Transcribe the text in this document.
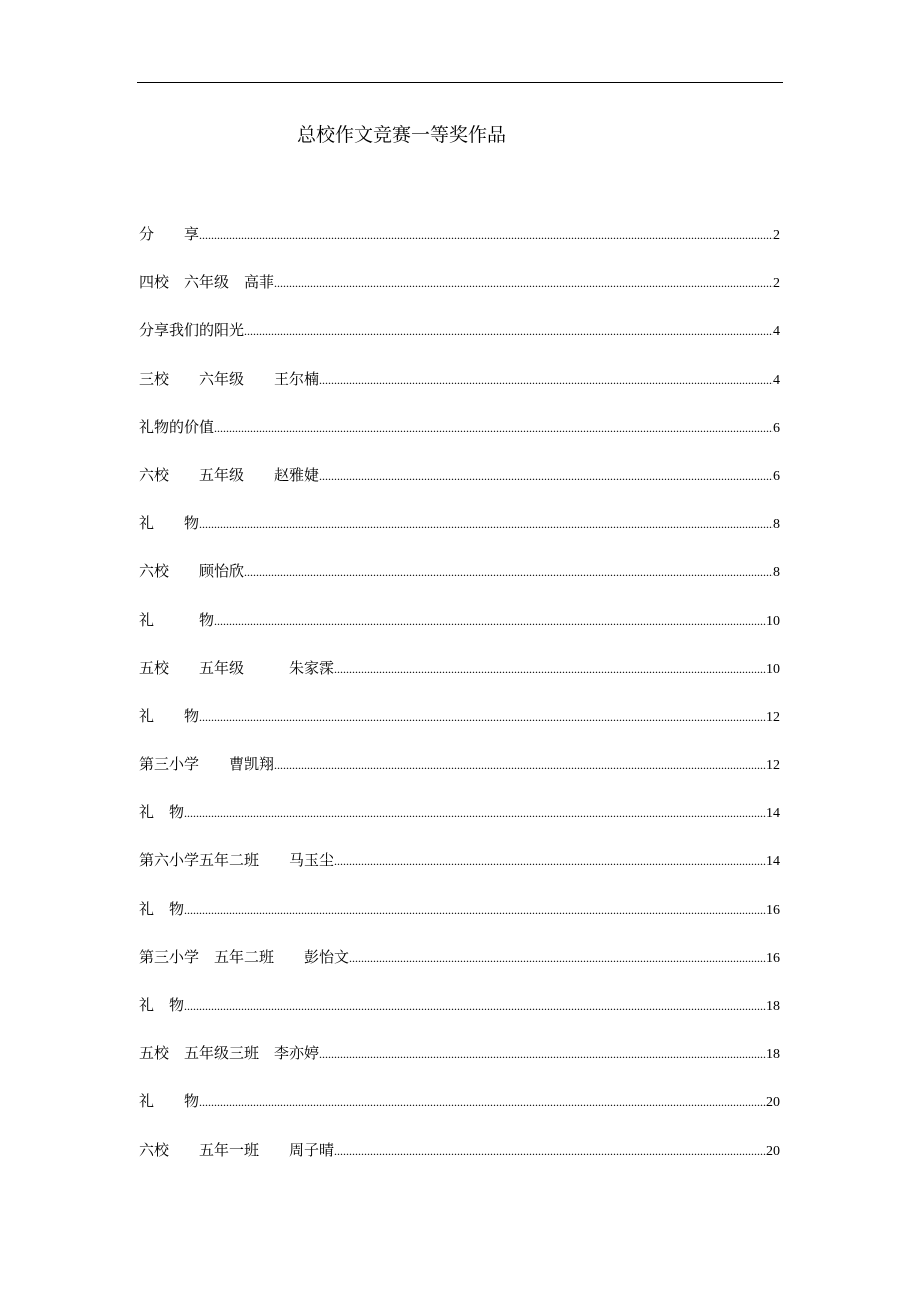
总校作文竞赛一等奖作品
分　　享 .....	2
四校　六年级　高菲 .....	2
分享我们的阳光 .....	4
三校　　六年级　　王尔楠 .....	4
礼物的价值 .....	6
六校　　五年级　　赵雅婕 .....	6
礼　　物 .....	8
六校　　顾怡欣 .....	8
礼　　　物 .....	10
五校　　五年级　　　朱家霂 .....	10
礼　　物 .....	12
第三小学　　曹凯翔 .....	12
礼　物 .....	14
第六小学五年二班　　马玉尘 .....	14
礼　物 .....	16
第三小学　五年二班　　彭怡文 .....	16
礼　物 .....	18
五校　五年级三班　李亦婷 .....	18
礼　　物 .....	20
六校　　五年一班　　周子晴 .....	20
